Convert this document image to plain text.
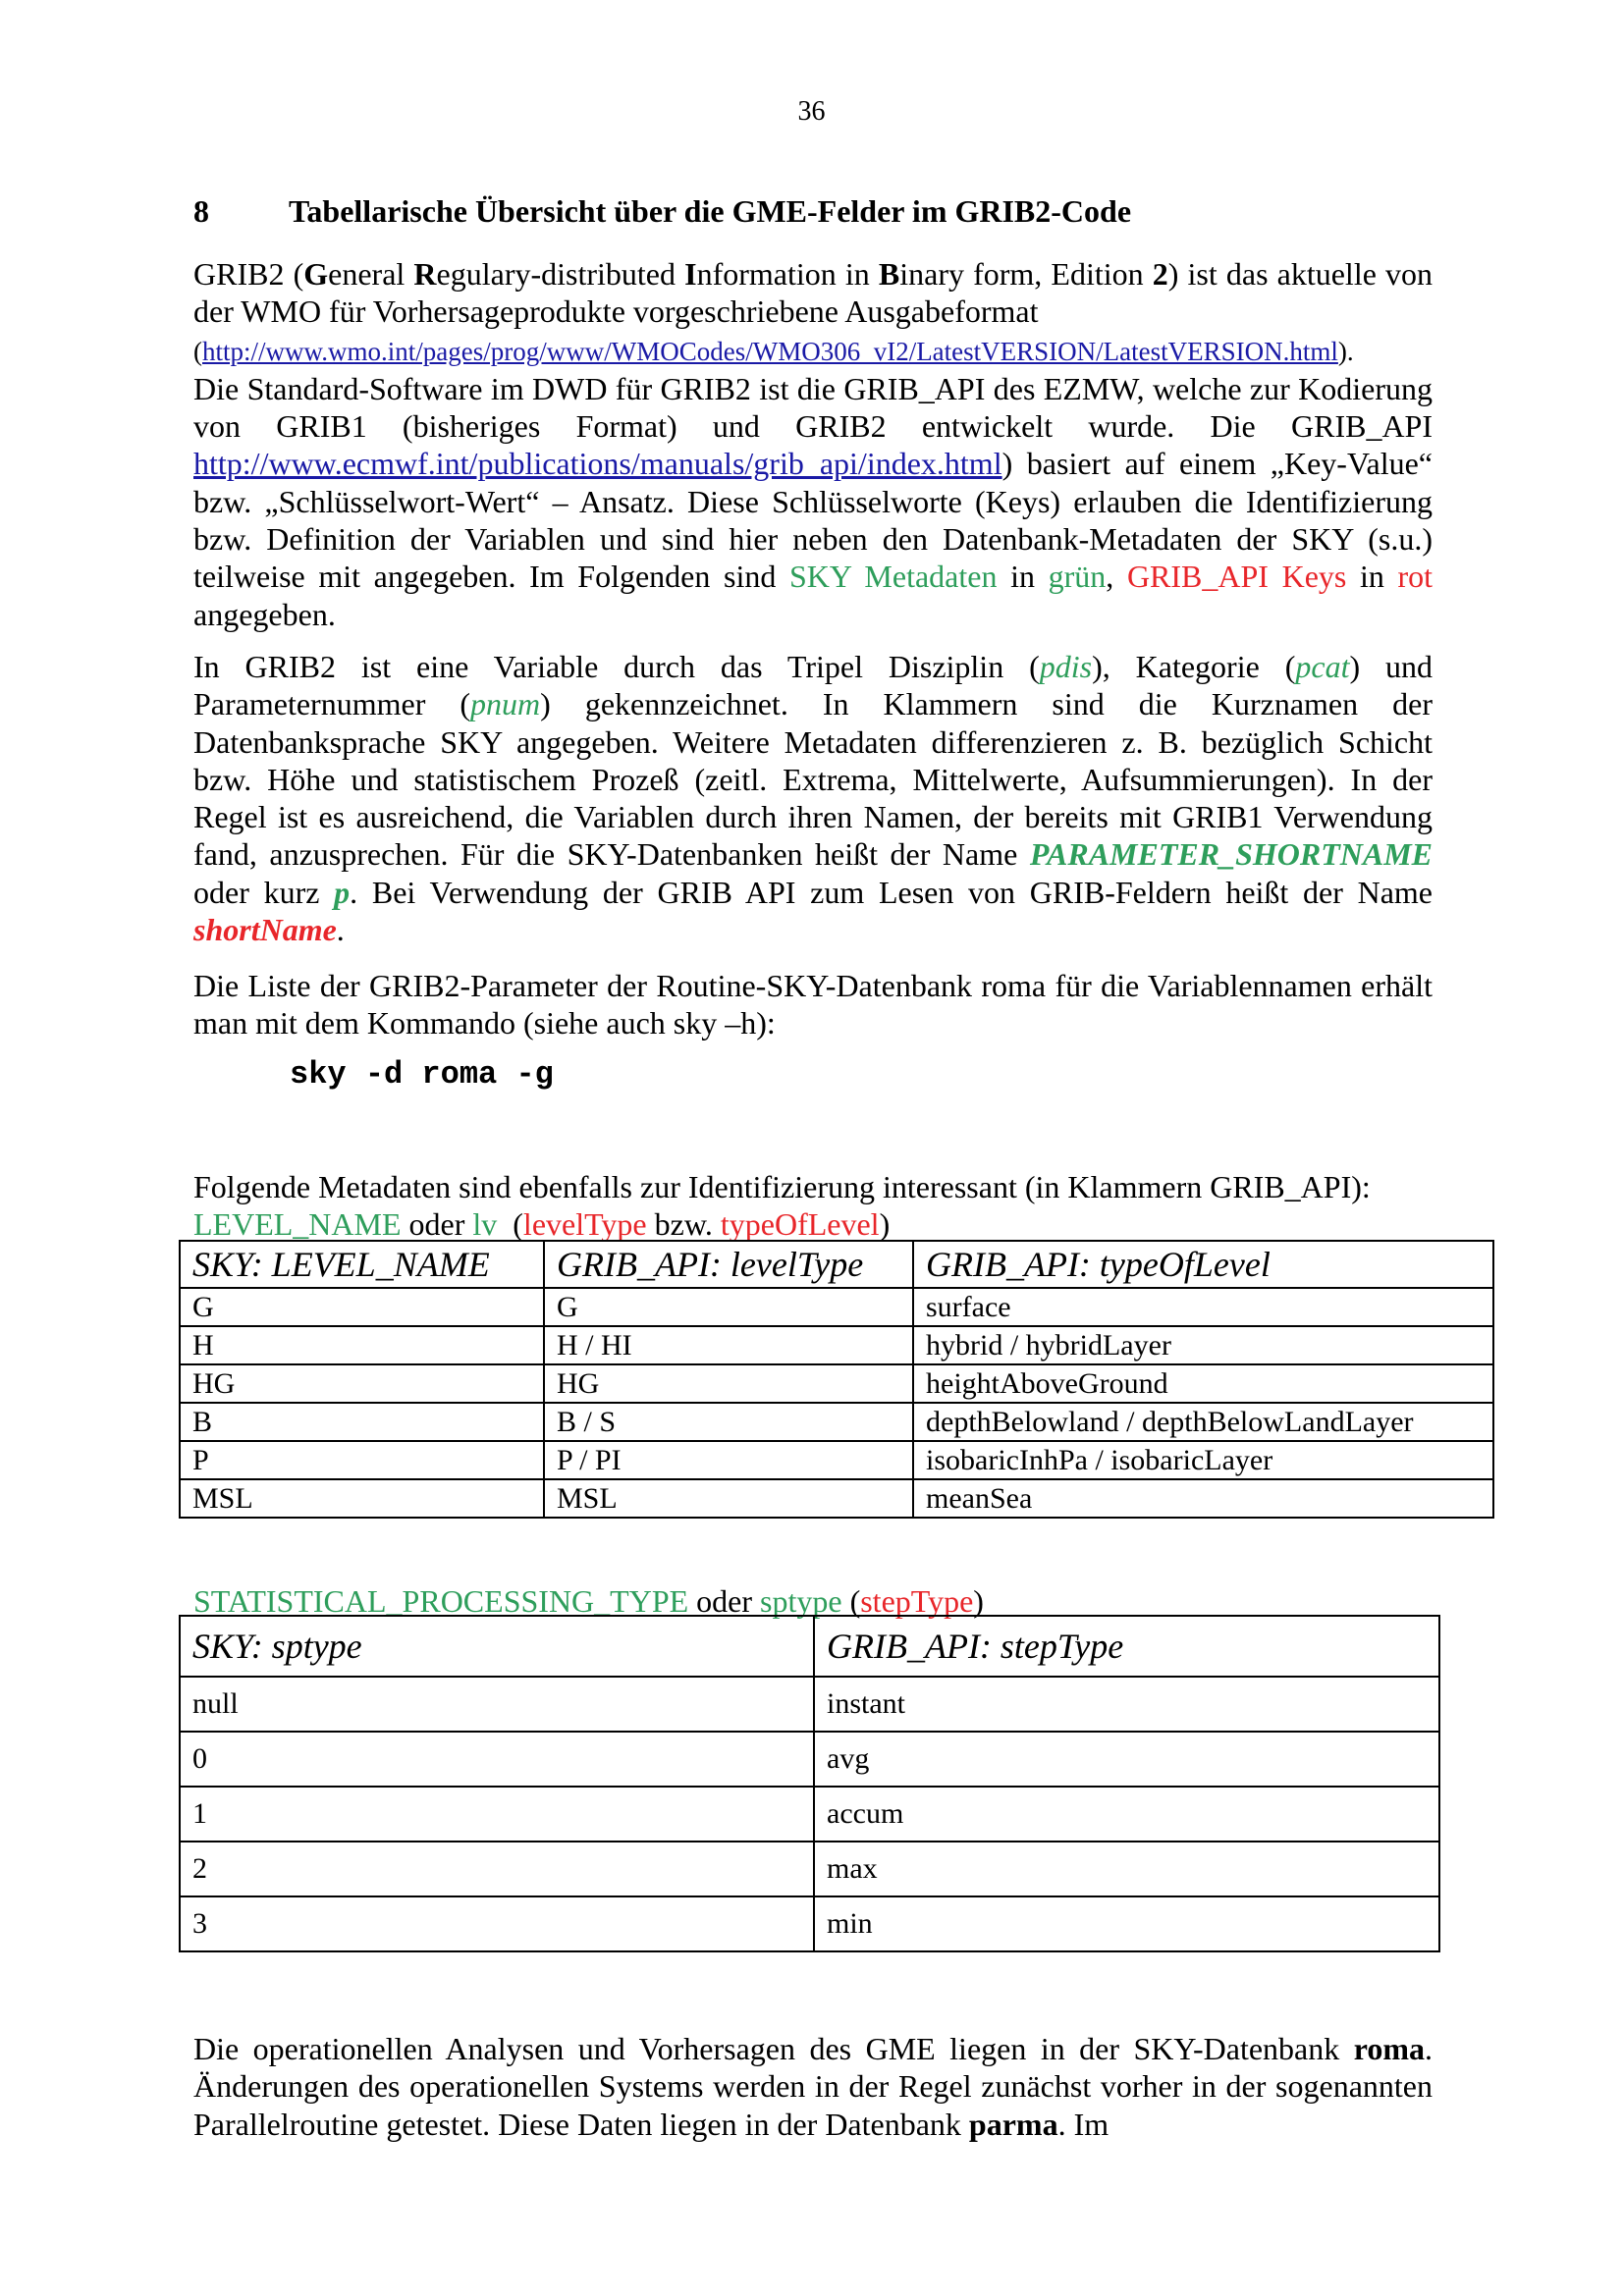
36
8	Tabellarische Übersicht über die GME-Felder im GRIB2-Code

GRIB2 (General Regulary-distributed Information in Binary form, Edition 2) ist das aktuelle von der WMO für Vorhersageprodukte vorgeschriebene Ausgabeformat
(http://www.wmo.int/pages/prog/www/WMOCodes/WMO306_vI2/LatestVERSION/LatestVERSION.html).
Die Standard-Software im DWD für GRIB2 ist die GRIB_API des EZMW, welche zur Kodierung von GRIB1 (bisheriges Format) und GRIB2 entwickelt wurde. Die GRIB_API http://www.ecmwf.int/publications/manuals/grib_api/index.html) basiert auf einem „Key-Value“ bzw. „Schlüsselwort-Wert“ – Ansatz. Diese Schlüsselworte (Keys) erlauben die Identifizierung bzw. Definition der Variablen und sind hier neben den Datenbank-Metadaten der SKY (s.u.) teilweise mit angegeben. Im Folgenden sind SKY Metadaten in grün, GRIB_API Keys in rot angegeben.

In GRIB2 ist eine Variable durch das Tripel Disziplin (pdis), Kategorie (pcat) und Parameternummer (pnum) gekennzeichnet. In Klammern sind die Kurznamen der Datenbanksprache SKY angegeben. Weitere Metadaten differenzieren z. B. bezüglich Schicht bzw. Höhe und statistischem Prozeß (zeitl. Extrema, Mittelwerte, Aufsummierungen). In der Regel ist es ausreichend, die Variablen durch ihren Namen, der bereits mit GRIB1 Verwendung fand, anzusprechen. Für die SKY-Datenbanken heißt der Name PARAMETER_SHORTNAME oder kurz p. Bei Verwendung der GRIB API zum Lesen von GRIB-Feldern heißt der Name shortName.

Die Liste der GRIB2-Parameter der Routine-SKY-Datenbank roma für die Variablennamen erhält man mit dem Kommando (siehe auch sky –h):

sky -d roma -g

Folgende Metadaten sind ebenfalls zur Identifizierung interessant (in Klammern GRIB_API):
LEVEL_NAME oder lv  (levelType bzw. typeOfLevel)

SKY: LEVEL_NAME	GRIB_API: levelType	GRIB_API: typeOfLevel
G	G	surface
H	H / HI	hybrid / hybridLayer
HG	HG	heightAboveGround
B	B / S	depthBelowland / depthBelowLandLayer
P	P / PI	isobaricInhPa / isobaricLayer
MSL	MSL	meanSea

STATISTICAL_PROCESSING_TYPE oder sptype (stepType)

SKY: sptype	GRIB_API: stepType
null	instant
0	avg
1	accum
2	max
3	min

Die operationellen Analysen und Vorhersagen des GME liegen in der SKY-Datenbank roma. Änderungen des operationellen Systems werden in der Regel zunächst vorher in der sogenannten Parallelroutine getestet. Diese Daten liegen in der Datenbank parma. Im
